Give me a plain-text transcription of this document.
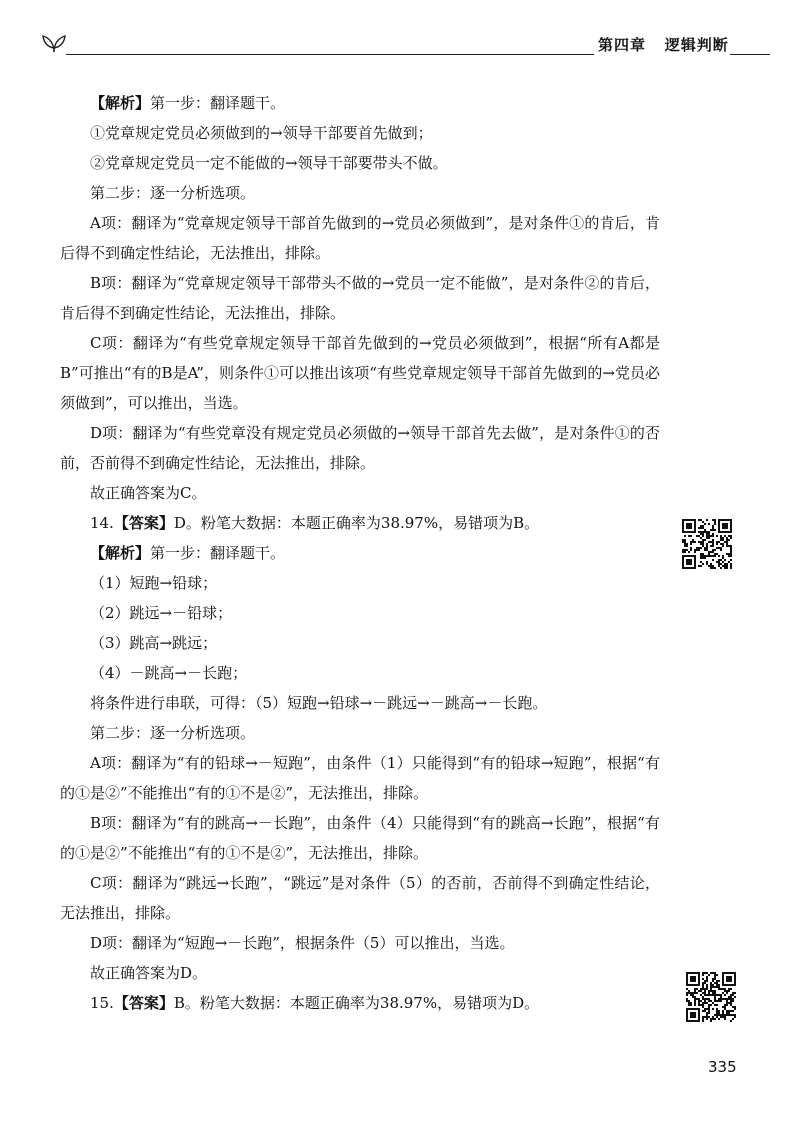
第四章 逻辑判断

【解析】第一步：翻译题干。

①党章规定党员必须做到的→领导干部要首先做到；

②党章规定党员一定不能做的→领导干部要带头不做。

第二步：逐一分析选项。

A项：翻译为“党章规定领导干部首先做到的→党员必须做到”，是对条件①的肯后，肯后得不到确定性结论，无法推出，排除。

B项：翻译为“党章规定领导干部带头不做的→党员一定不能做”，是对条件②的肯后，肯后得不到确定性结论，无法推出，排除。

C项：翻译为“有些党章规定领导干部首先做到的→党员必须做到”，根据“所有A都是B”可推出“有的B是A”，则条件①可以推出该项“有些党章规定领导干部首先做到的→党员必须做到”，可以推出，当选。

D项：翻译为“有些党章没有规定党员必须做的→领导干部首先去做”，是对条件①的否前，否前得不到确定性结论，无法推出，排除。

故正确答案为C。

14.【答案】D。粉笔大数据：本题正确率为38.97%，易错项为B。

【解析】第一步：翻译题干。

（1）短跑→铅球；

（2）跳远→－铅球；

（3）跳高→跳远；

（4）－跳高→－长跑；

将条件进行串联，可得：（5）短跑→铅球→－跳远→－跳高→－长跑。

第二步：逐一分析选项。

A项：翻译为“有的铅球→－短跑”，由条件（1）只能得到“有的铅球→短跑”，根据“有的①是②”不能推出“有的①不是②”，无法推出，排除。

B项：翻译为“有的跳高→－长跑”，由条件（4）只能得到“有的跳高→长跑”，根据“有的①是②”不能推出“有的①不是②”，无法推出，排除。

C项：翻译为“跳远→长跑”，“跳远”是对条件（5）的否前，否前得不到确定性结论，无法推出，排除。

D项：翻译为“短跑→－长跑”，根据条件（5）可以推出，当选。

故正确答案为D。

15.【答案】B。粉笔大数据：本题正确率为38.97%，易错项为D。

335
